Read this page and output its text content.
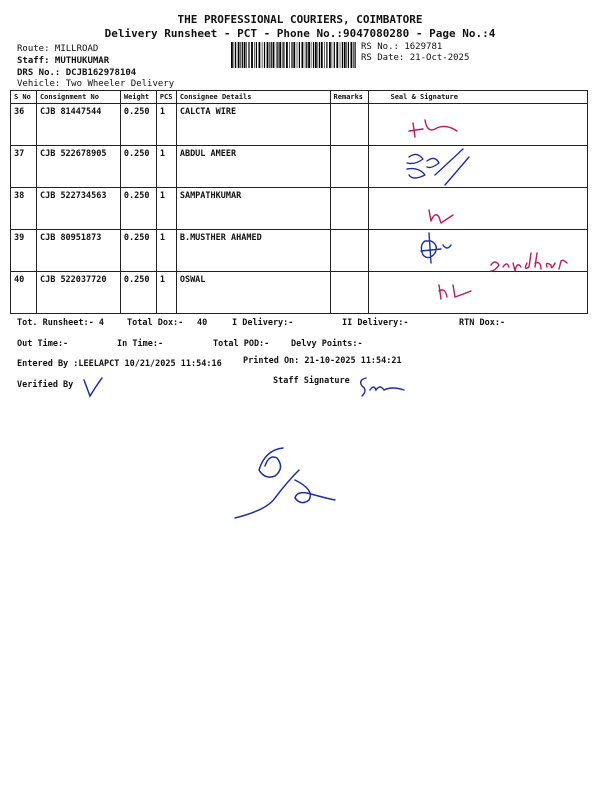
THE PROFESSIONAL COURIERS, COIMBATORE
Delivery Runsheet - PCT - Phone No.:9047080280 - Page No.:4
Route: MILLROAD
Staff: MUTHUKUMAR
DRS No.: DCJB162978104
Vehicle: Two Wheeler Delivery
RS No.: 1629781
RS Date: 21-Oct-2025
S No	Consignment No	Weight	PCS	Consignee Details	Remarks	Seal & Signature
36	CJB 81447544	0.250	1	CALCTA WIRE		
37	CJB 522678905	0.250	1	ABDUL AMEER		
38	CJB 522734563	0.250	1	SAMPATHKUMAR		
39	CJB 80951873	0.250	1	B.MUSTHER AHAMED		
40	CJB 522037720	0.250	1	OSWAL		
Tot. Runsheet:- 4	Total Dox:- 40	I Delivery:-	II Delivery:-	RTN Dox:-
Out Time:-	In Time:-	Total POD:-	Delvy Points:-
Entered By :LEELAPCT 10/21/2025 11:54:16	Printed On: 21-10-2025 11:54:21
Verified By	Staff Signature
